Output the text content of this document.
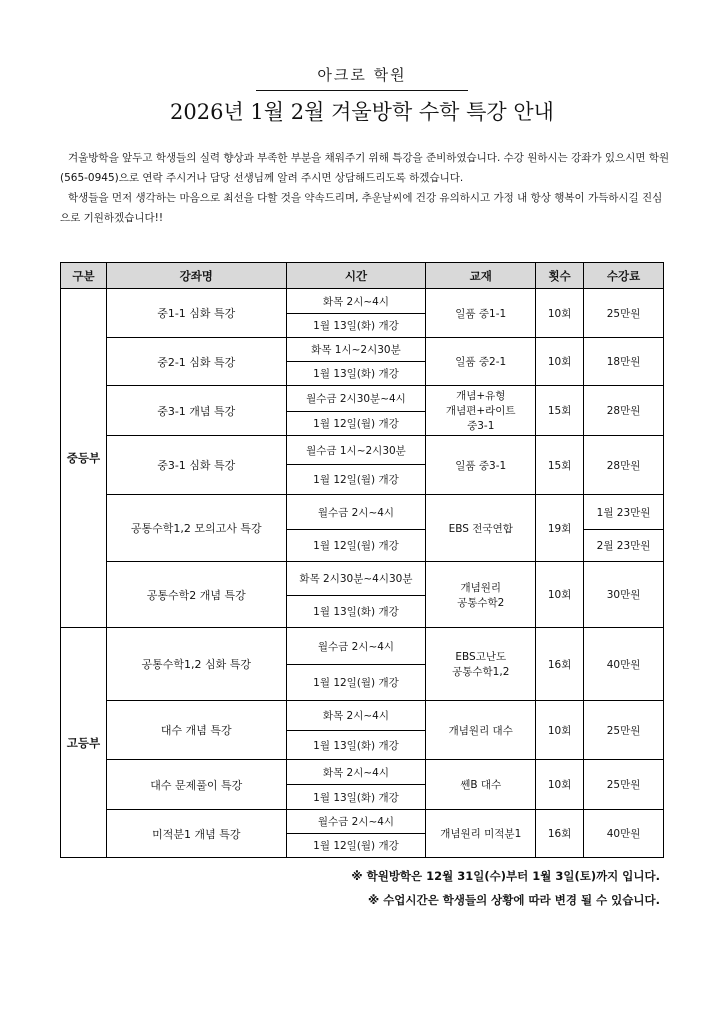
아크로 학원
2026년 1월 2월 겨울방학 수학 특강 안내

겨울방학을 앞두고 학생들의 실력 향상과 부족한 부분을 채워주기 위해 특강을 준비하였습니다. 수강 원하시는 강좌가 있으시면 학원(565-0945)으로 연락 주시거나 담당 선생님께 알려 주시면 상담해드리도록 하겠습니다.

학생들을 먼저 생각하는 마음으로 최선을 다할 것을 약속드리며, 추운날씨에 건강 유의하시고 가정 내 항상 행복이 가득하시길 진심으로 기원하겠습니다!!

구분	강좌명	시간	교재	횟수	수강료
중등부	중1-1 심화 특강	화목 2시~4시	일품 중1-1	10회	25만원
		1월 13일(화) 개강			
	중2-1 심화 특강	화목 1시~2시30분	일품 중2-1	10회	18만원
		1월 13일(화) 개강			
	중3-1 개념 특강	월수금 2시30분~4시	개념+유형
개념편+라이트
중3-1	15회	28만원
		1월 12일(월) 개강			
	중3-1 심화 특강	월수금 1시~2시30분	일품 중3-1	15회	28만원
		1월 12일(월) 개강			
	공통수학1,2 모의고사 특강	월수금 2시~4시	EBS 전국연합	19회	1월 23만원
		1월 12일(월) 개강			2월 23만원
	공통수학2 개념 특강	화목 2시30분~4시30분	개념원리
공통수학2	10회	30만원
		1월 13일(화) 개강			

고등부	공통수학1,2 심화 특강	월수금 2시~4시	EBS고난도
공통수학1,2	16회	40만원
		1월 12일(월) 개강			
	대수 개념 특강	화목 2시~4시	개념원리 대수	10회	25만원
		1월 13일(화) 개강			
	대수 문제풀이 특강	화목 2시~4시	쎈B 대수	10회	25만원
		1월 13일(화) 개강			
	미적분1 개념 특강	월수금 2시~4시	개념원리 미적분1	16회	40만원
		1월 12일(월) 개강			
※ 학원방학은 12월 31일(수)부터 1월 3일(토)까지 입니다.
※ 수업시간은 학생들의 상황에 따라 변경 될 수 있습니다.
